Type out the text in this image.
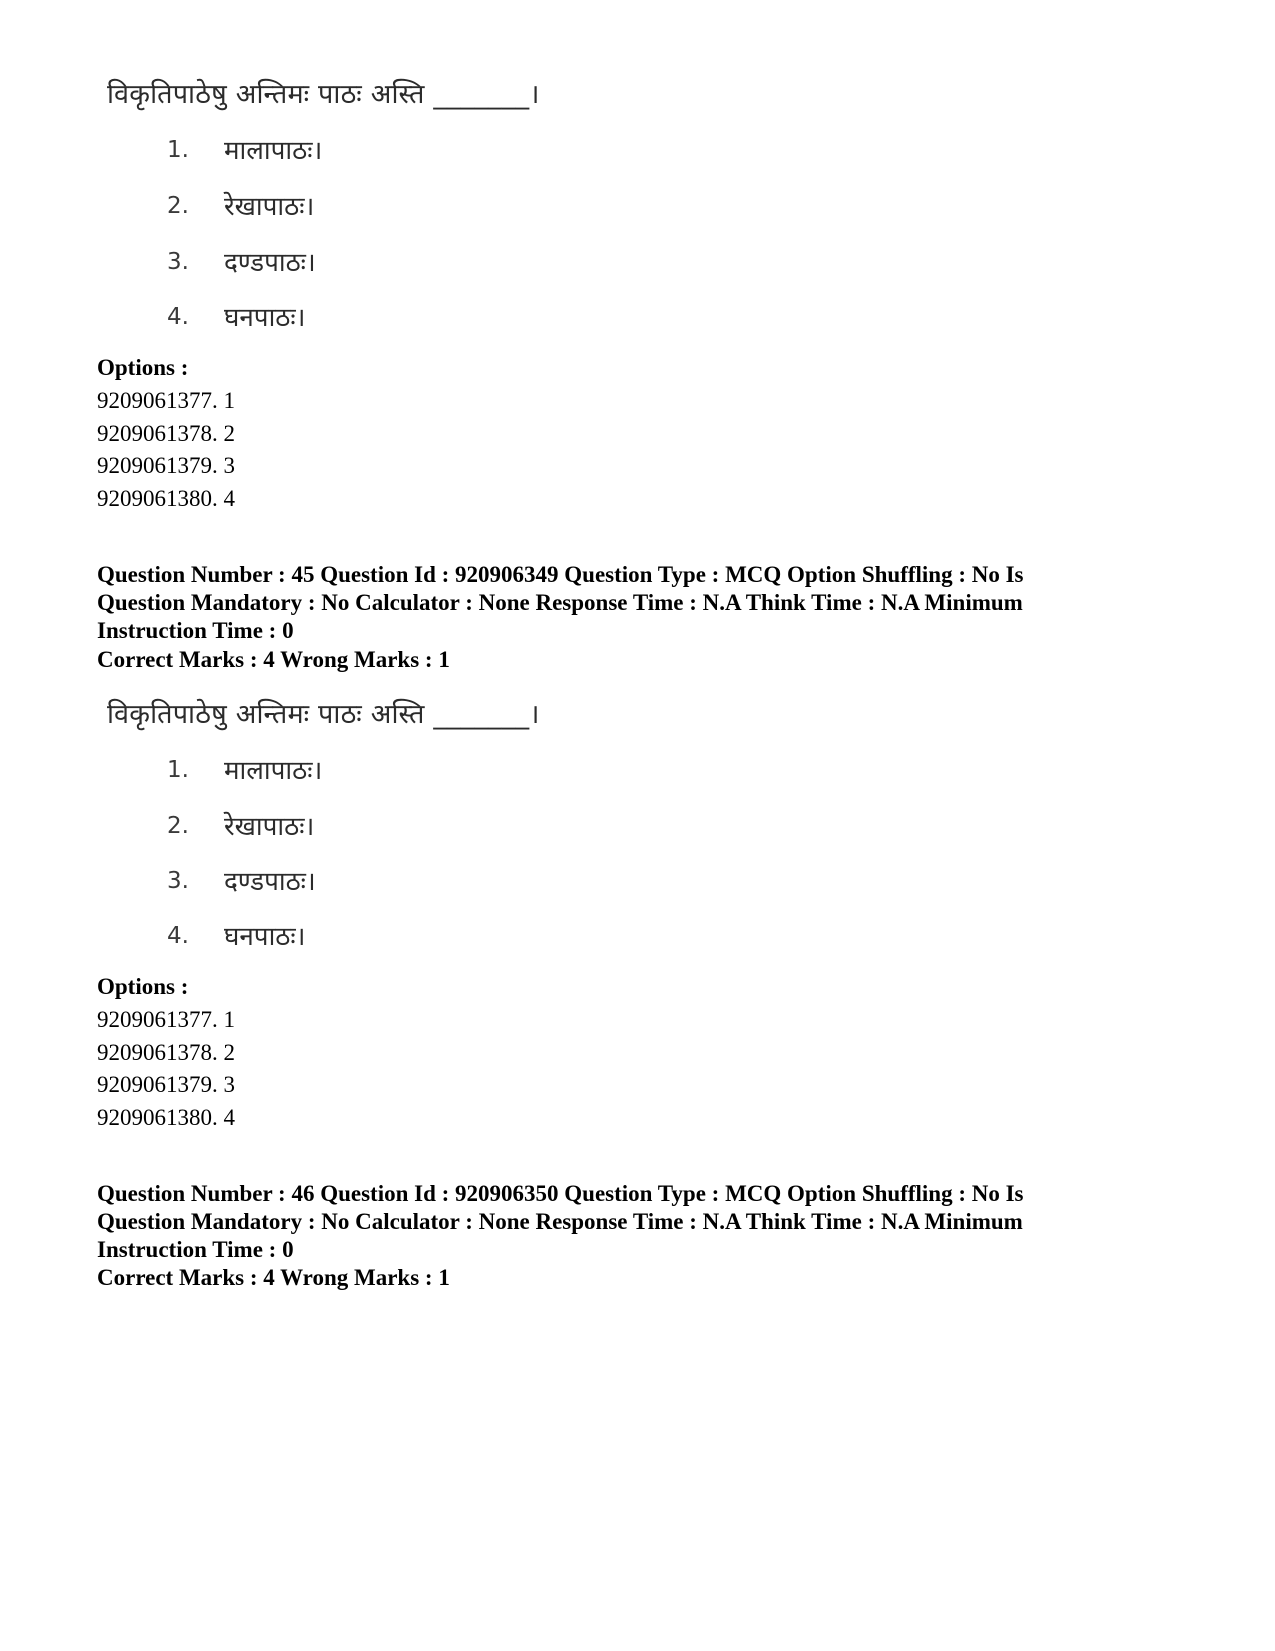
विकृतिपाठेषु अन्तिमः पाठः अस्ति _______।
1. मालापाठः।
2. रेखापाठः।
3. दण्डपाठः।
4. घनपाठः।
Options :
9209061377. 1
9209061378. 2
9209061379. 3
9209061380. 4
Question Number : 45 Question Id : 920906349 Question Type : MCQ Option Shuffling : No Is Question Mandatory : No Calculator : None Response Time : N.A Think Time : N.A Minimum Instruction Time : 0
Correct Marks : 4 Wrong Marks : 1
विकृतिपाठेषु अन्तिमः पाठः अस्ति _______।
1. मालापाठः।
2. रेखापाठः।
3. दण्डपाठः।
4. घनपाठः।
Options :
9209061377. 1
9209061378. 2
9209061379. 3
9209061380. 4
Question Number : 46 Question Id : 920906350 Question Type : MCQ Option Shuffling : No Is Question Mandatory : No Calculator : None Response Time : N.A Think Time : N.A Minimum Instruction Time : 0
Correct Marks : 4 Wrong Marks : 1
